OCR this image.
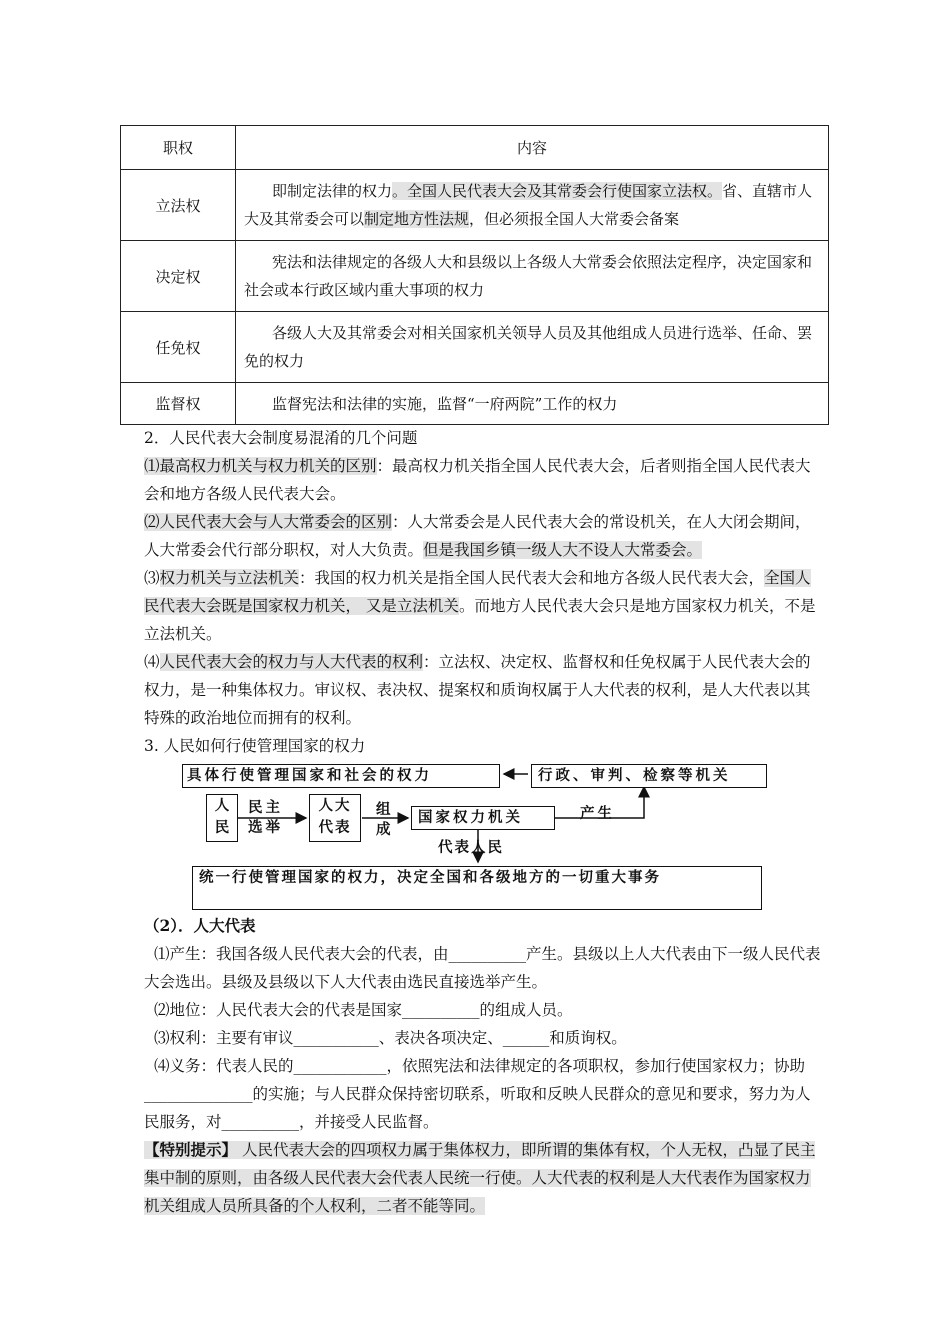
职权	内容
立法权	即制定法律的权力。全国人民代表大会及其常委会行使国家立法权。省、直辖市人大及其常委会可以制定地方性法规，但必须报全国人大常委会备案
决定权	宪法和法律规定的各级人大和县级以上各级人大常委会依照法定程序，决定国家和社会或本行政区域内重大事项的权力
任免权	各级人大及其常委会对相关国家机关领导人员及其他组成人员进行选举、任命、罢免的权力
监督权	监督宪法和法律的实施，监督“一府两院”工作的权力

2．人民代表大会制度易混淆的几个问题

⑴最高权力机关与权力机关的区别：最高权力机关指全国人民代表大会，后者则指全国人民代表大会和地方各级人民代表大会。

⑵人民代表大会与人大常委会的区别：人大常委会是人民代表大会的常设机关，在人大闭会期间，人大常委会代行部分职权，对人大负责。但是我国乡镇一级人大不设人大常委会。

⑶权力机关与立法机关：我国的权力机关是指全国人民代表大会和地方各级人民代表大会，全国人民代表大会既是国家权力机关， 又是立法机关。而地方人民代表大会只是地方国家权力机关，不是立法机关。

⑷人民代表大会的权力与人大代表的权利：立法权、决定权、监督权和任免权属于人民代表大会的权力，是一种集体权力。审议权、表决权、提案权和质询权属于人大代表的权利，是人大代表以其特殊的政治地位而拥有的权利。

3. 人民如何行使管理国家的权力

具体行使管理国家和社会的权力	行政、审判、检察等机关
人
民
民主
选举
人大
代表
组
成
国家权力机关	产生
代表人民
统一行使管理国家的权力，决定全国和各级地方的一切重大事务

（2）．人大代表

⑴产生：我国各级人民代表大会的代表，由__________产生。县级以上人大代表由下一级人民代表大会选出。县级及县级以下人大代表由选民直接选举产生。

⑵地位：人民代表大会的代表是国家__________的组成人员。

⑶权利：主要有审议___________、表决各项决定、______和质询权。

⑷义务：代表人民的____________，依照宪法和法律规定的各项职权，参加行使国家权力；协助______________的实施；与人民群众保持密切联系，听取和反映人民群众的意见和要求，努力为人民服务，对__________，并接受人民监督。

【特别提示】 人民代表大会的四项权力属于集体权力，即所谓的集体有权，个人无权，凸显了民主集中制的原则，由各级人民代表大会代表人民统一行使。人大代表的权利是人大代表作为国家权力机关组成人员所具备的个人权利，二者不能等同。
